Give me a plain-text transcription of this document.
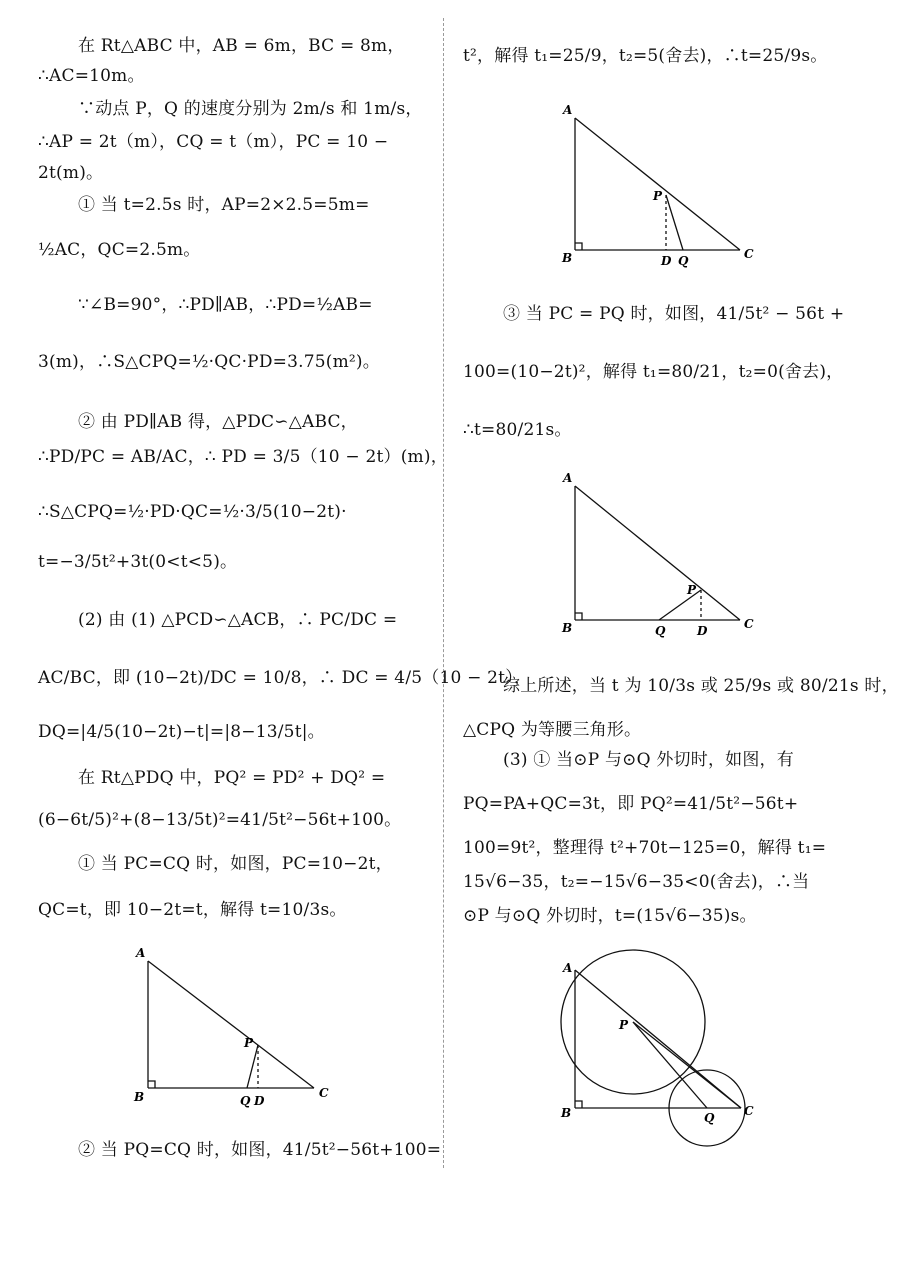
在 Rt△ABC 中，AB = 6m，BC = 8m，
∴AC=10m。
∵动点 P，Q 的速度分别为 2m/s 和 1m/s，
∴AP = 2t（m），CQ = t（m），PC = 10 −
2t(m)。
① 当 t=2.5s 时，AP=2×2.5=5m=
½AC，QC=2.5m。
∵∠B=90°，∴PD∥AB，∴PD=½AB=
3(m)，∴S△CPQ=½·QC·PD=3.75(m²)。
② 由 PD∥AB 得，△PDC∽△ABC，
∴PD/PC = AB/AC，∴ PD = 3/5（10 − 2t）(m)，
∴S△CPQ=½·PD·QC=½·3/5(10−2t)·
t=−3/5t²+3t(0<t<5)。
(2) 由 (1) △PCD∽△ACB，∴ PC/DC =
AC/BC，即 (10−2t)/DC = 10/8，∴ DC = 4/5（10 − 2t），
DQ=|4/5(10−2t)−t|=|8−13/5t|。
在 Rt△PDQ 中，PQ² = PD² + DQ² =
(6−6t/5)²+(8−13/5t)²=41/5t²−56t+100。
① 当 PC=CQ 时，如图，PC=10−2t，
QC=t，即 10−2t=t，解得 t=10/3s。
② 当 PQ=CQ 时，如图，41/5t²−56t+100=
A
B	C
P
Q D
t²，解得 t₁=25/9，t₂=5(舍去)，∴t=25/9s。
A
B	C
P
D Q
③ 当 PC = PQ 时，如图，41/5t² − 56t +
100=(10−2t)²，解得 t₁=80/21，t₂=0(舍去)，
∴t=80/21s。
A
B	C
P
Q	D
综上所述，当 t 为 10/3s 或 25/9s 或 80/21s 时，
△CPQ 为等腰三角形。
(3) ① 当⊙P 与⊙Q 外切时，如图，有
PQ=PA+QC=3t，即 PQ²=41/5t²−56t+
100=9t²，整理得 t²+70t−125=0，解得 t₁=
15√6−35，t₂=−15√6−35<0(舍去)，∴当
⊙P 与⊙Q 外切时，t=(15√6−35)s。
A
B	C
P
Q
